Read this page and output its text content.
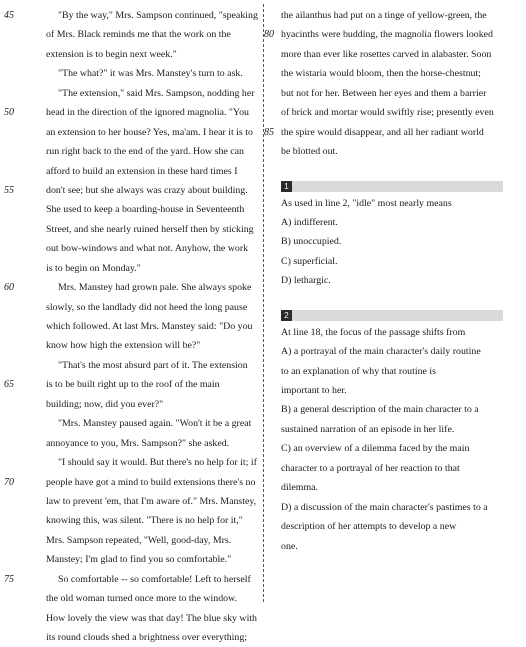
45	"By the way," Mrs. Sampson continued, "speaking
of Mrs. Black reminds me that the work on the
extension is to begin next week."
"The what?" it was Mrs. Manstey's turn to ask.
"The extension," said Mrs. Sampson, nodding her
50	head in the direction of the ignored magnolia. "You
an extension to her house? Yes, ma'am. I hear it is to
run right back to the end of the yard. How she can
afford to build an extension in these hard times I
55	don't see; but she always was crazy about building.
She used to keep a boarding-house in Seventeenth
Street, and she nearly ruined herself then by sticking
out bow-windows and what not. Anyhow, the work
is to begin on Monday."
60	Mrs. Manstey had grown pale. She always spoke
slowly, so the landlady did not heed the long pause
which followed. At last Mrs. Manstey said: "Do you
know how high the extension will be?"
"That's the most absurd part of it. The extension
65	is to be built right up to the roof of the main
building; now, did you ever?"
"Mrs. Manstey paused again. "Won't it be a great
annoyance to you, Mrs. Sampson?" she asked.
"I should say it would. But there's no help for it; if
70	people have got a mind to build extensions there's no
law to prevent 'em, that I'm aware of." Mrs. Manstey,
knowing this, was silent. "There is no help for it,"
Mrs. Sampson repeated, "Well, good-day, Mrs.
Manstey; I'm glad to find you so comfortable."
75	So comfortable -- so comfortable! Left to herself
the old woman turned once more to the window.
How lovely the view was that day! The blue sky with
its round clouds shed a brightness over everything;
the ailanthus had put on a tinge of yellow-green, the
80 hyacinths were budding, the magnolia flowers looked
more than ever like rosettes carved in alabaster. Soon
the wistaria would bloom, then the horse-chestnut;
but not for her. Between her eyes and them a barrier
of brick and mortar would swiftly rise; presently even
85 the spire would disappear, and all her radiant world
be blotted out.
1
As used in line 2, "idle" most nearly means
A) indifferent.
B) unoccupied.
C) superficial.
D) lethargic.
2
At line 18, the focus of the passage shifts from
A) a portrayal of the main character's daily routine
to an explanation of why that routine is
important to her.
B) a general description of the main character to a
sustained narration of an episode in her life.
C) an overview of a dilemma faced by the main
character to a portrayal of her reaction to that
dilemma.
D) a discussion of the main character's pastimes to a
description of her attempts to develop a new
one.
